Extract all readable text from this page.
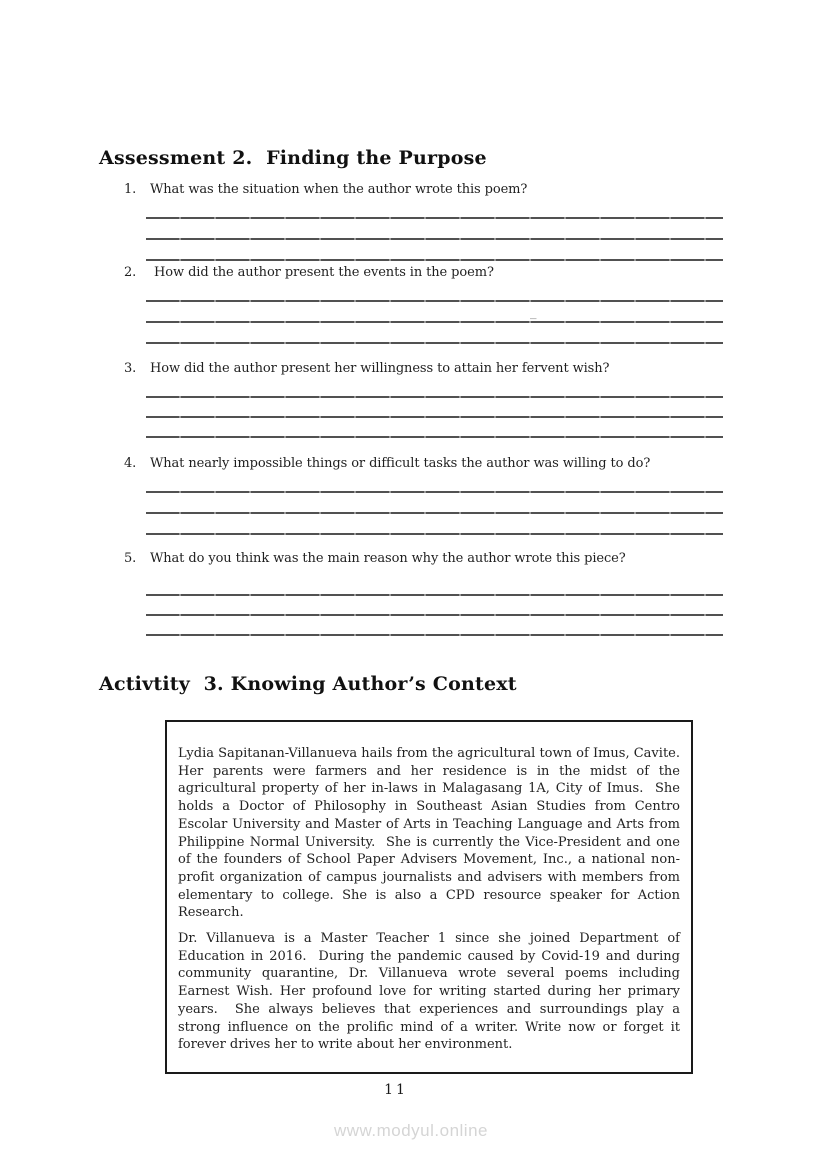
Assessment 2.  Finding the Purpose
1.	What was the situation when the author wrote this poem?
2.	How did the author present the events in the poem?
_
3.	How did the author present her willingness to attain her fervent wish?
4.	What nearly impossible things or difficult tasks the author was willing to do?
5.	What do you think was the main reason why the author wrote this piece?
Activtity  3. Knowing Author’s Context

Lydia Sapitanan-Villanueva hails from the agricultural town of Imus, Cavite.  Her parents were farmers and her residence is in the midst of the agricultural property of her in-laws in Malagasang 1A, City of Imus.  She holds a Doctor of Philosophy in Southeast Asian Studies from Centro Escolar University and Master of Arts in Teaching Language and Arts from Philippine Normal University.  She is currently the Vice-President and one of the founders of School Paper Advisers Movement, Inc., a national non-profit organization of campus journalists and advisers with members from elementary to college. She is also a CPD resource speaker for Action Research.

Dr. Villanueva is a Master Teacher 1 since she joined Department of Education in 2016.  During the pandemic caused by Covid-19 and during community quarantine, Dr. Villanueva wrote several poems including Earnest Wish. Her profound love for writing started during her primary years.  She always believes that experiences and surroundings play a strong influence on the prolific mind of a writer. Write now or forget it forever drives her to write about her environment.

11
www.modyul.online
